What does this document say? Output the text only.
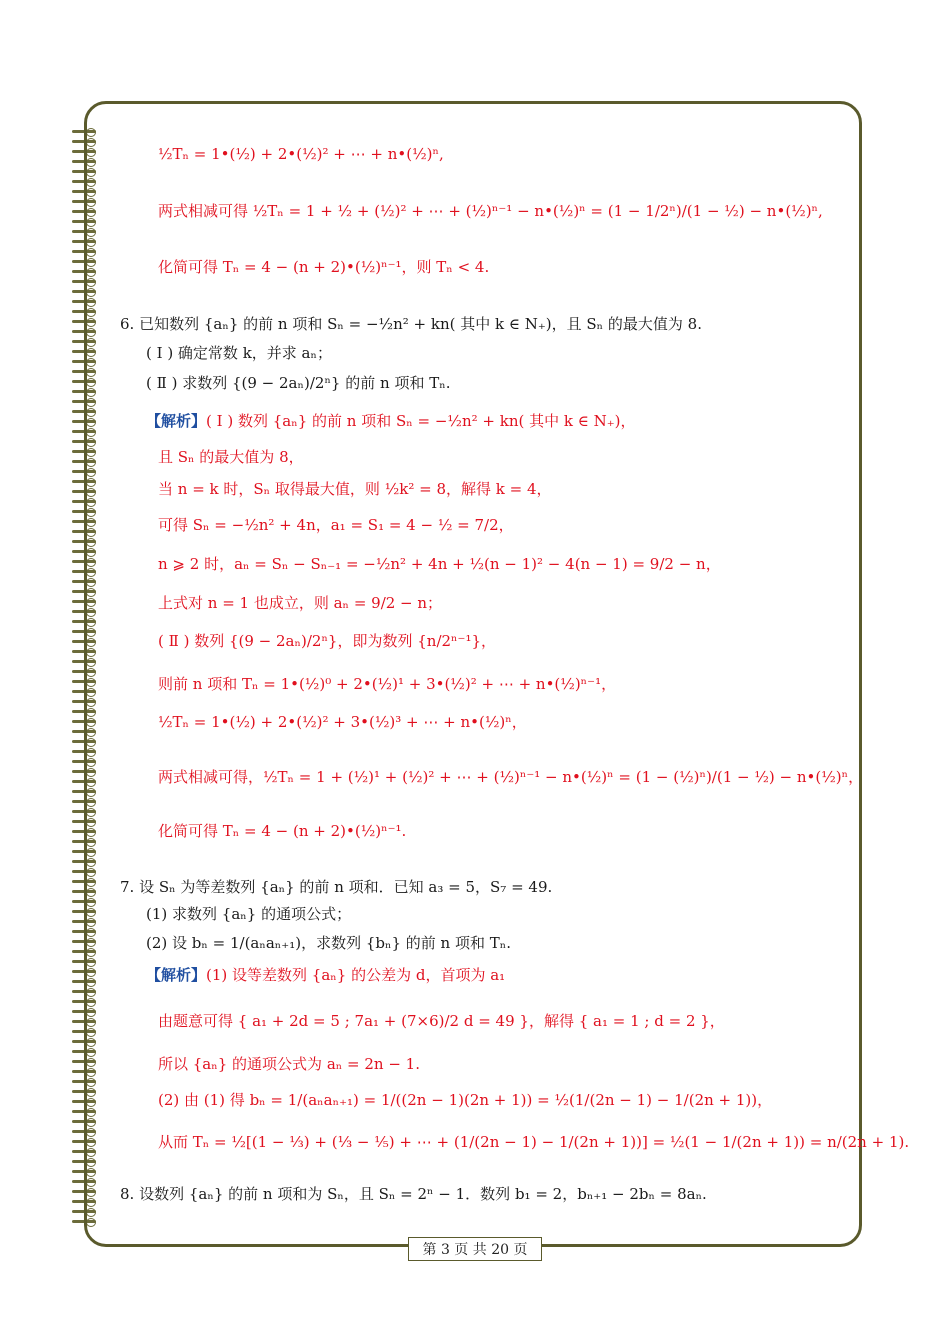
½Tₙ = 1•(½) + 2•(½)² + ⋯ + n•(½)ⁿ,
两式相减可得 ½Tₙ = 1 + ½ + (½)² + ⋯ + (½)ⁿ⁻¹ − n•(½)ⁿ = (1 − 1/2ⁿ)/(1 − ½) − n•(½)ⁿ,
化简可得 Tₙ = 4 − (n + 2)•(½)ⁿ⁻¹，则 Tₙ < 4.
6. 已知数列 {aₙ} 的前 n 项和 Sₙ = −½n² + kn( 其中 k ∈ N₊)，且 Sₙ 的最大值为 8.
( Ⅰ ) 确定常数 k，并求 aₙ；
( Ⅱ ) 求数列 {(9 − 2aₙ)/2ⁿ} 的前 n 项和 Tₙ.
【解析】( Ⅰ ) 数列 {aₙ} 的前 n 项和 Sₙ = −½n² + kn( 其中 k ∈ N₊)，
且 Sₙ 的最大值为 8，
当 n = k 时，Sₙ 取得最大值，则 ½k² = 8，解得 k = 4，
可得 Sₙ = −½n² + 4n，a₁ = S₁ = 4 − ½ = 7/2，
n ⩾ 2 时，aₙ = Sₙ − Sₙ₋₁ = −½n² + 4n + ½(n − 1)² − 4(n − 1) = 9/2 − n，
上式对 n = 1 也成立，则 aₙ = 9/2 − n；
( Ⅱ ) 数列 {(9 − 2aₙ)/2ⁿ}，即为数列 {n/2ⁿ⁻¹}，
则前 n 项和 Tₙ = 1•(½)⁰ + 2•(½)¹ + 3•(½)² + ⋯ + n•(½)ⁿ⁻¹，
½Tₙ = 1•(½) + 2•(½)² + 3•(½)³ + ⋯ + n•(½)ⁿ，
两式相减可得，½Tₙ = 1 + (½)¹ + (½)² + ⋯ + (½)ⁿ⁻¹ − n•(½)ⁿ = (1 − (½)ⁿ)/(1 − ½) − n•(½)ⁿ，
化简可得 Tₙ = 4 − (n + 2)•(½)ⁿ⁻¹.
7. 设 Sₙ 为等差数列 {aₙ} 的前 n 项和．已知 a₃ = 5，S₇ = 49.
(1) 求数列 {aₙ} 的通项公式；
(2) 设 bₙ = 1/(aₙaₙ₊₁)，求数列 {bₙ} 的前 n 项和 Tₙ.
【解析】(1) 设等差数列 {aₙ} 的公差为 d，首项为 a₁
由题意可得 { a₁ + 2d = 5 ; 7a₁ + (7×6)/2 d = 49 }，解得 { a₁ = 1 ; d = 2 }，
所以 {aₙ} 的通项公式为 aₙ = 2n − 1.
(2) 由 (1) 得 bₙ = 1/(aₙaₙ₊₁) = 1/((2n − 1)(2n + 1)) = ½(1/(2n − 1) − 1/(2n + 1))，
从而 Tₙ = ½[(1 − ⅓) + (⅓ − ⅕) + ⋯ + (1/(2n − 1) − 1/(2n + 1))] = ½(1 − 1/(2n + 1)) = n/(2n + 1).
8. 设数列 {aₙ} 的前 n 项和为 Sₙ，且 Sₙ = 2ⁿ − 1．数列 b₁ = 2，bₙ₊₁ − 2bₙ = 8aₙ.
第 3 页 共 20 页
